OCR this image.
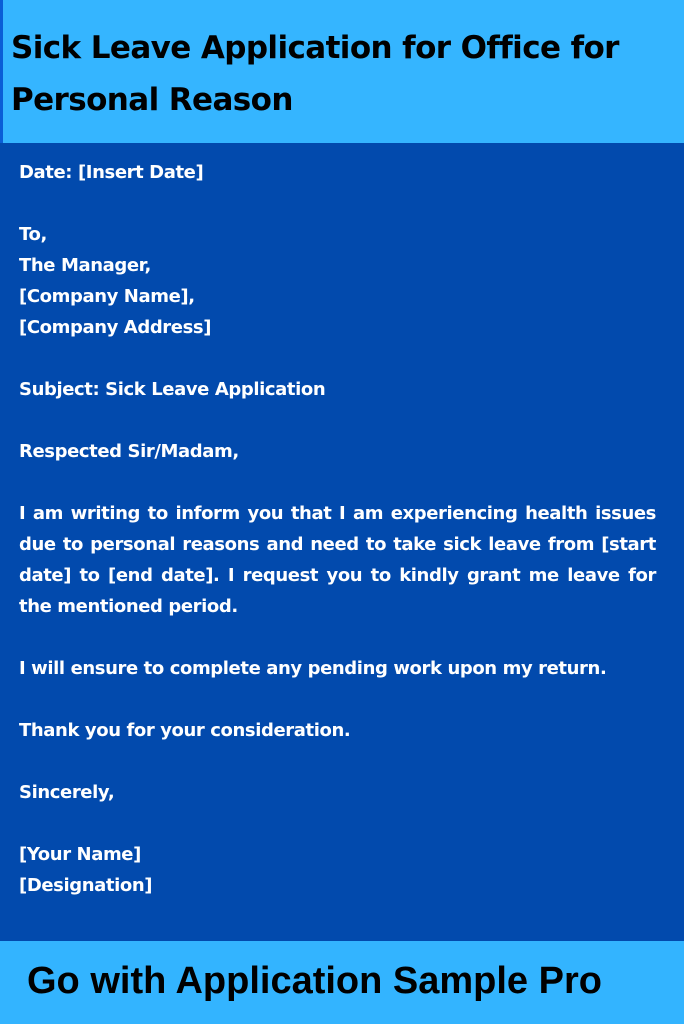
Sick Leave Application for Office for Personal Reason

Date: [Insert Date]

To,
The Manager,
[Company Name],
[Company Address]

Subject: Sick Leave Application

Respected Sir/Madam,

I am writing to inform you that I am experiencing health issues due to personal reasons and need to take sick leave from [start date] to [end date]. I request you to kindly grant me leave for the mentioned period.

I will ensure to complete any pending work upon my return.

Thank you for your consideration.

Sincerely,

[Your Name]
[Designation]

Go with Application Sample Pro
